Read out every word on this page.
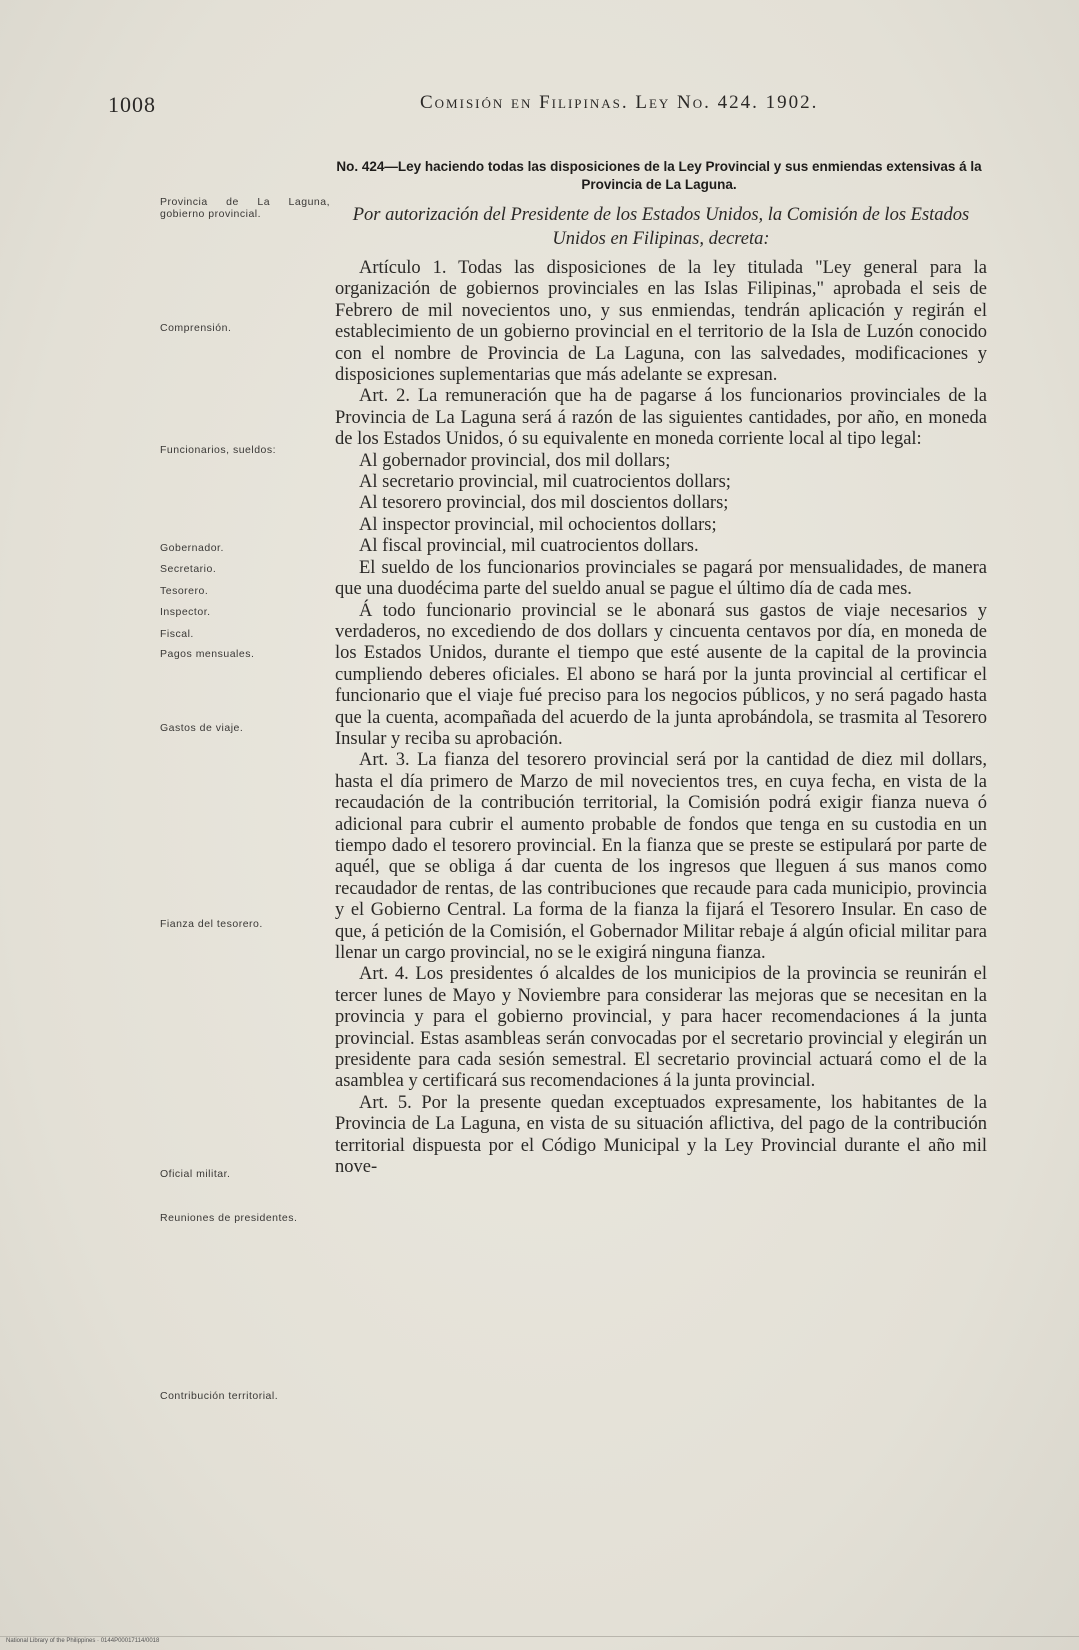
1008	Comisión en Filipinas. Ley No. 424. 1902.
No. 424—Ley haciendo todas las disposiciones de la Ley Provincial y sus enmiendas extensivas á la Provincia de La Laguna.
Por autorización del Presidente de los Estados Unidos, la Comisión de los Estados Unidos en Filipinas, decreta:
Provincia de La Laguna, gobierno provincial.
Comprensión.
Funcionarios, sueldos:
Gobernador.
Secretario.
Tesorero.
Inspector.
Fiscal.
Pagos mensuales.
Gastos de viaje.
Fianza del tesorero.
Oficial militar.
Reuniones de presidentes.
Contribución territorial.

Artículo 1. Todas las disposiciones de la ley titulada "Ley general para la organización de gobiernos provinciales en las Islas Filipinas," aprobada el seis de Febrero de mil novecientos uno, y sus enmiendas, tendrán aplicación y regirán el establecimiento de un gobierno provincial en el territorio de la Isla de Luzón conocido con el nombre de Provincia de La Laguna, con las salvedades, modificaciones y disposiciones suplementarias que más adelante se expresan.

Art. 2. La remuneración que ha de pagarse á los funcionarios provinciales de la Provincia de La Laguna será á razón de las siguientes cantidades, por año, en moneda de los Estados Unidos, ó su equivalente en moneda corriente local al tipo legal:

Al gobernador provincial, dos mil dollars;

Al secretario provincial, mil cuatrocientos dollars;

Al tesorero provincial, dos mil doscientos dollars;

Al inspector provincial, mil ochocientos dollars;

Al fiscal provincial, mil cuatrocientos dollars.

El sueldo de los funcionarios provinciales se pagará por mensualidades, de manera que una duodécima parte del sueldo anual se pague el último día de cada mes.

Á todo funcionario provincial se le abonará sus gastos de viaje necesarios y verdaderos, no excediendo de dos dollars y cincuenta centavos por día, en moneda de los Estados Unidos, durante el tiempo que esté ausente de la capital de la provincia cumpliendo deberes oficiales. El abono se hará por la junta provincial al certificar el funcionario que el viaje fué preciso para los negocios públicos, y no será pagado hasta que la cuenta, acompañada del acuerdo de la junta aprobándola, se trasmita al Tesorero Insular y reciba su aprobación.

Art. 3. La fianza del tesorero provincial será por la cantidad de diez mil dollars, hasta el día primero de Marzo de mil novecientos tres, en cuya fecha, en vista de la recaudación de la contribución territorial, la Comisión podrá exigir fianza nueva ó adicional para cubrir el aumento probable de fondos que tenga en su custodia en un tiempo dado el tesorero provincial. En la fianza que se preste se estipulará por parte de aquél, que se obliga á dar cuenta de los ingresos que lleguen á sus manos como recaudador de rentas, de las contribuciones que recaude para cada municipio, provincia y el Gobierno Central. La forma de la fianza la fijará el Tesorero Insular. En caso de que, á petición de la Comisión, el Gobernador Militar rebaje á algún oficial militar para llenar un cargo provincial, no se le exigirá ninguna fianza.

Art. 4. Los presidentes ó alcaldes de los municipios de la provincia se reunirán el tercer lunes de Mayo y Noviembre para considerar las mejoras que se necesitan en la provincia y para el gobierno provincial, y para hacer recomendaciones á la junta provincial. Estas asambleas serán convocadas por el secretario provincial y elegirán un presidente para cada sesión semestral. El secretario provincial actuará como el de la asamblea y certificará sus recomendaciones á la junta provincial.

Art. 5. Por la presente quedan exceptuados expresamente, los habitantes de la Provincia de La Laguna, en vista de su situación aflictiva, del pago de la contribución territorial dispuesta por el Código Municipal y la Ley Provincial durante el año mil nove-

National Library of the Philippines · 0144P00017114/0018
